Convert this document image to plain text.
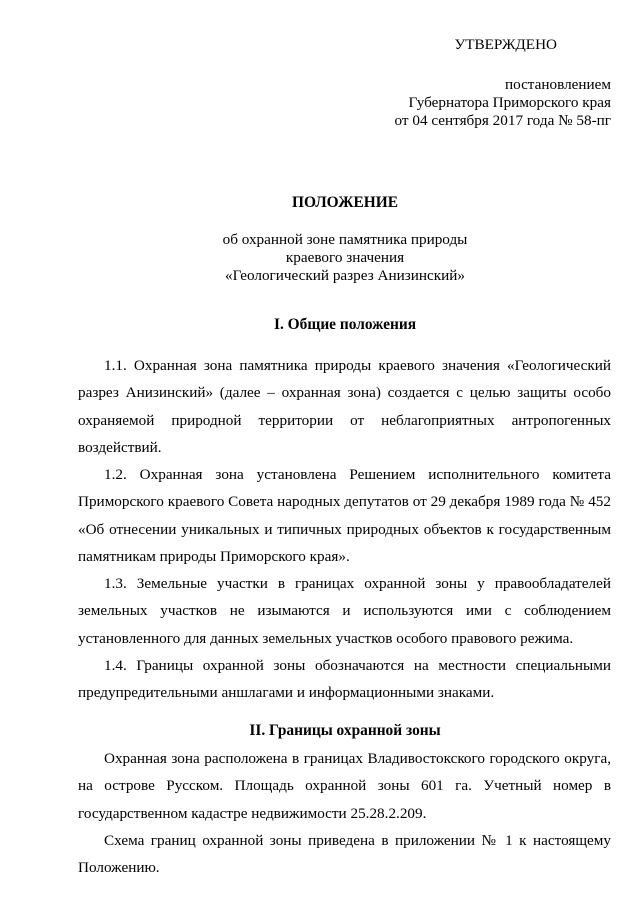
УТВЕРЖДЕНО
постановлением
Губернатора Приморского края
от 04 сентября 2017 года № 58-пг
ПОЛОЖЕНИЕ
об охранной зоне памятника природы
краевого значения
«Геологический разрез Анизинский»
I. Общие положения
1.1. Охранная зона памятника природы краевого значения «Геологический разрез Анизинский» (далее – охранная зона) создается с целью защиты особо охраняемой природной территории от неблагоприятных антропогенных воздействий.
1.2. Охранная зона установлена Решением исполнительного комитета Приморского краевого Совета народных депутатов от 29 декабря 1989 года № 452 «Об отнесении уникальных и типичных природных объектов к государственным памятникам природы Приморского края».
1.3. Земельные участки в границах охранной зоны у правообладателей земельных участков не изымаются и используются ими с соблюдением установленного для данных земельных участков особого правового режима.
1.4. Границы охранной зоны обозначаются на местности специальными предупредительными аншлагами и информационными знаками.
II. Границы охранной зоны
Охранная зона расположена в границах Владивостокского городского округа, на острове Русском. Площадь охранной зоны 601 га. Учетный номер в государственном кадастре недвижимости 25.28.2.209.
Схема границ охранной зоны приведена в приложении № 1 к настоящему Положению.
